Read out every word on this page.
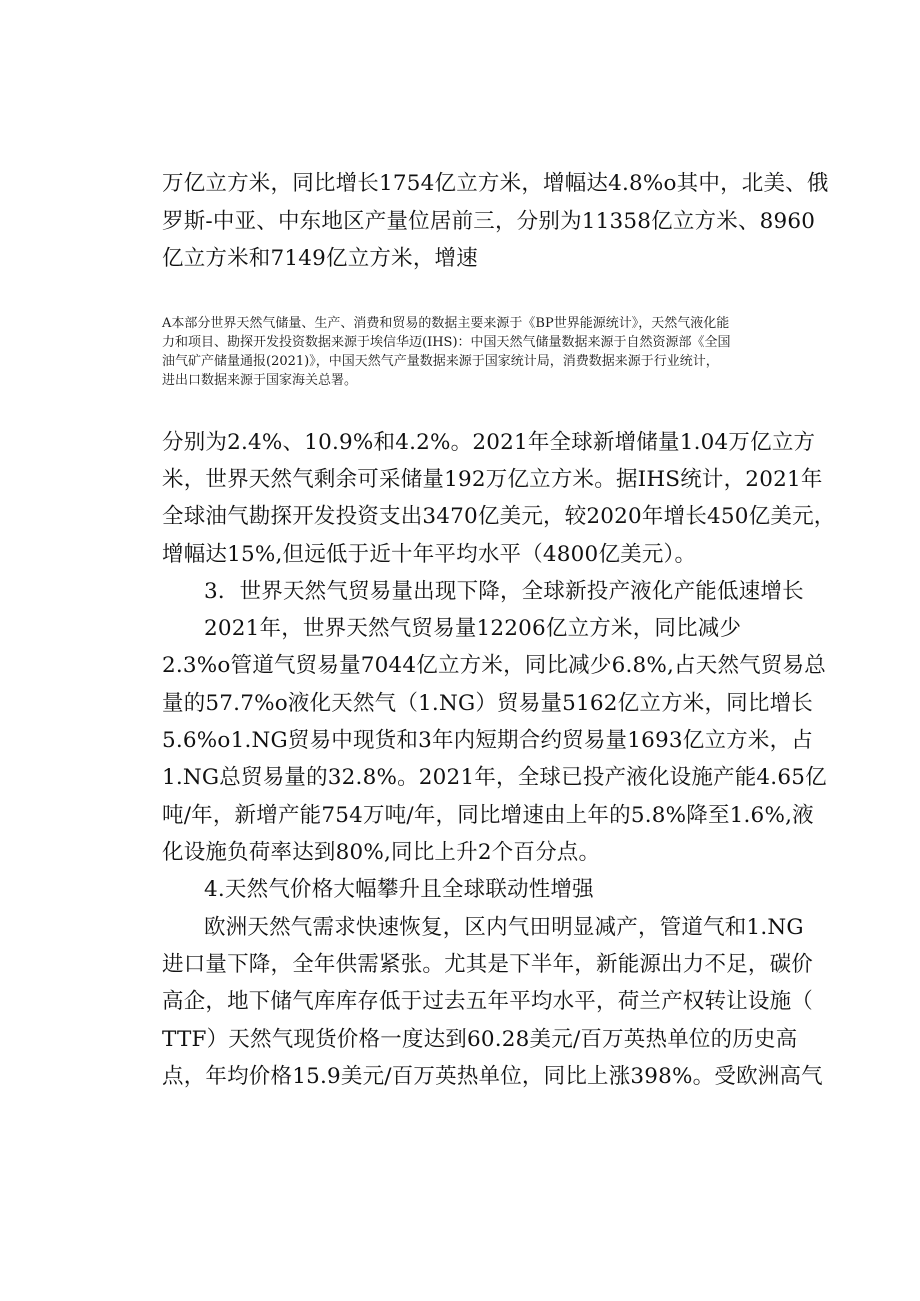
万亿立方米，同比增长1754亿立方米，增幅达4.8%o其中，北美、俄
罗斯-中亚、中东地区产量位居前三，分别为11358亿立方米、8960
亿立方米和7149亿立方米，增速
A本部分世界天然气储量、生产、消费和贸易的数据主要来源于《BP世界能源统计》，天然气液化能
力和项目、勘探开发投资数据来源于埃信华迈(IHS)：中国天然气储量数据来源于自然资源部《全国
油气矿产储量通报(2021)》，中国天然气产量数据来源于国家统计局，消费数据来源于行业统计，
进出口数据来源于国家海关总署。
分别为2.4%、10.9%和4.2%。2021年全球新增储量1.04万亿立方
米，世界天然气剩余可采储量192万亿立方米。据IHS统计，2021年
全球油气勘探开发投资支出3470亿美元，较2020年增长450亿美元，
增幅达15%,但远低于近十年平均水平（4800亿美元）。
3．世界天然气贸易量出现下降，全球新投产液化产能低速增长
2021年，世界天然气贸易量12206亿立方米，同比减少
2.3%o管道气贸易量7044亿立方米，同比减少6.8%,占天然气贸易总
量的57.7%o液化天然气（1.NG）贸易量5162亿立方米，同比增长
5.6%o1.NG贸易中现货和3年内短期合约贸易量1693亿立方米，占
1.NG总贸易量的32.8%。2021年，全球已投产液化设施产能4.65亿
吨/年，新增产能754万吨/年，同比增速由上年的5.8%降至1.6%,液
化设施负荷率达到80%,同比上升2个百分点。
4.天然气价格大幅攀升且全球联动性增强
欧洲天然气需求快速恢复，区内气田明显减产，管道气和1.NG
进口量下降，全年供需紧张。尤其是下半年，新能源出力不足，碳价
高企，地下储气库库存低于过去五年平均水平，荷兰产权转让设施（
TTF）天然气现货价格一度达到60.28美元/百万英热单位的历史高
点，年均价格15.9美元/百万英热单位，同比上涨398%。受欧洲高气
